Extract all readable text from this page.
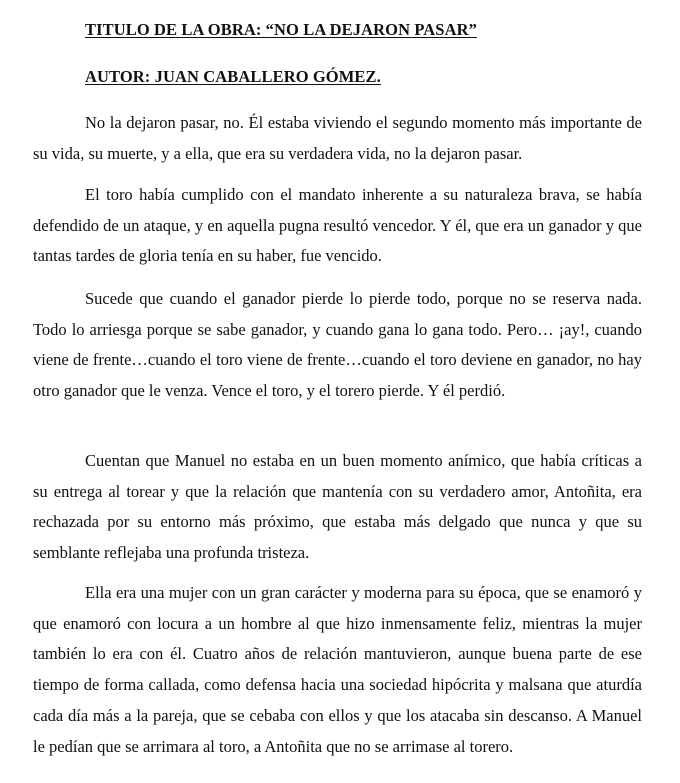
TITULO DE LA OBRA: “NO LA DEJARON PASAR”
AUTOR: JUAN CABALLERO GÓMEZ.

No la dejaron pasar, no. Él estaba viviendo el segundo momento más importante de su vida, su muerte, y a ella, que era su verdadera vida, no la dejaron pasar.

El toro había cumplido con el mandato inherente a su naturaleza brava, se había defendido de un ataque, y en aquella pugna resultó vencedor. Y él, que era un ganador y que tantas tardes de gloria tenía en su haber, fue vencido.

Sucede que cuando el ganador pierde lo pierde todo, porque no se reserva nada. Todo lo arriesga porque se sabe ganador, y cuando gana lo gana todo. Pero… ¡ay!, cuando viene de frente…cuando el toro viene de frente…cuando el toro deviene en ganador, no hay otro ganador que le venza. Vence el toro, y el torero pierde. Y él perdió.

Cuentan que Manuel no estaba en un buen momento anímico, que había críticas a su entrega al torear y que la relación que mantenía con su verdadero amor, Antoñita, era rechazada por su entorno más próximo, que estaba más delgado que nunca y que su semblante reflejaba una profunda tristeza.

Ella era una mujer con un gran carácter y moderna para su época, que se enamoró y que enamoró con locura a un hombre al que hizo inmensamente feliz, mientras la mujer también lo era con él. Cuatro años de relación mantuvieron, aunque buena parte de ese tiempo de forma callada, como defensa hacia una sociedad hipócrita y malsana que aturdía cada día más a la pareja, que se cebaba con ellos y que los atacaba sin descanso. A Manuel le pedían que se arrimara al toro, a Antoñita que no se arrimase al torero.
